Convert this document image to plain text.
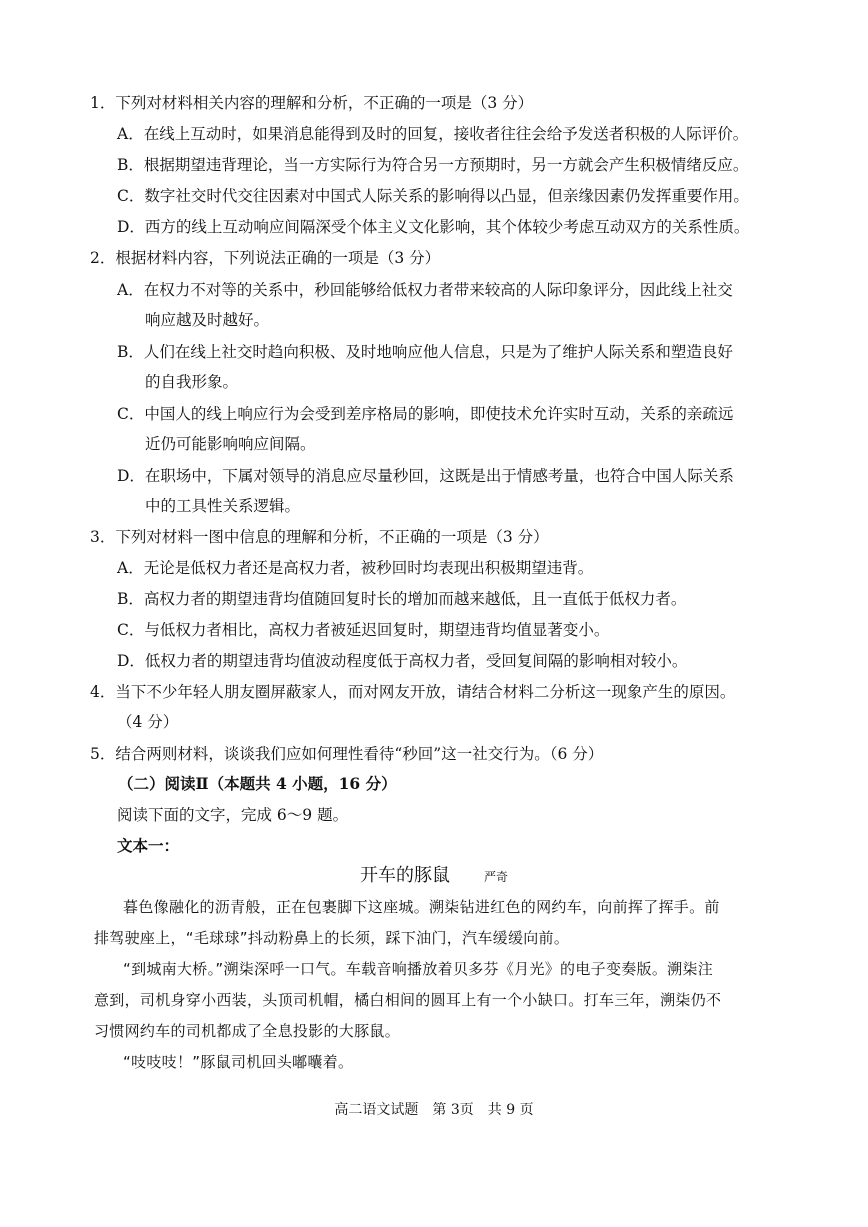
1．下列对材料相关内容的理解和分析，不正确的一项是（3 分）
A．在线上互动时，如果消息能得到及时的回复，接收者往往会给予发送者积极的人际评价。
B．根据期望违背理论，当一方实际行为符合另一方预期时，另一方就会产生积极情绪反应。
C．数字社交时代交往因素对中国式人际关系的影响得以凸显，但亲缘因素仍发挥重要作用。
D．西方的线上互动响应间隔深受个体主义文化影响，其个体较少考虑互动双方的关系性质。
2．根据材料内容，下列说法正确的一项是（3 分）
A．在权力不对等的关系中，秒回能够给低权力者带来较高的人际印象评分，因此线上社交
响应越及时越好。
B．人们在线上社交时趋向积极、及时地响应他人信息，只是为了维护人际关系和塑造良好
的自我形象。
C．中国人的线上响应行为会受到差序格局的影响，即使技术允许实时互动，关系的亲疏远
近仍可能影响响应间隔。
D．在职场中，下属对领导的消息应尽量秒回，这既是出于情感考量，也符合中国人际关系
中的工具性关系逻辑。
3．下列对材料一图中信息的理解和分析，不正确的一项是（3 分）
A．无论是低权力者还是高权力者，被秒回时均表现出积极期望违背。
B．高权力者的期望违背均值随回复时长的增加而越来越低，且一直低于低权力者。
C．与低权力者相比，高权力者被延迟回复时，期望违背均值显著变小。
D．低权力者的期望违背均值波动程度低于高权力者，受回复间隔的影响相对较小。
4．当下不少年轻人朋友圈屏蔽家人，而对网友开放，请结合材料二分析这一现象产生的原因。
（4 分）
5．结合两则材料，谈谈我们应如何理性看待“秒回”这一社交行为。（6 分）
（二）阅读Ⅱ（本题共 4 小题，16 分）
阅读下面的文字，完成 6～9 题。
文本一：
开车的豚鼠	严奇
暮色像融化的沥青般，正在包裹脚下这座城。溯柒钻进红色的网约车，向前挥了挥手。前
排驾驶座上，“毛球球”抖动粉鼻上的长须，踩下油门，汽车缓缓向前。
“到城南大桥。”溯柒深呼一口气。车载音响播放着贝多芬《月光》的电子变奏版。溯柒注
意到，司机身穿小西装，头顶司机帽，橘白相间的圆耳上有一个小缺口。打车三年，溯柒仍不
习惯网约车的司机都成了全息投影的大豚鼠。
“吱吱吱！”豚鼠司机回头嘟囔着。
高二语文试题　第 3页　共 9 页
